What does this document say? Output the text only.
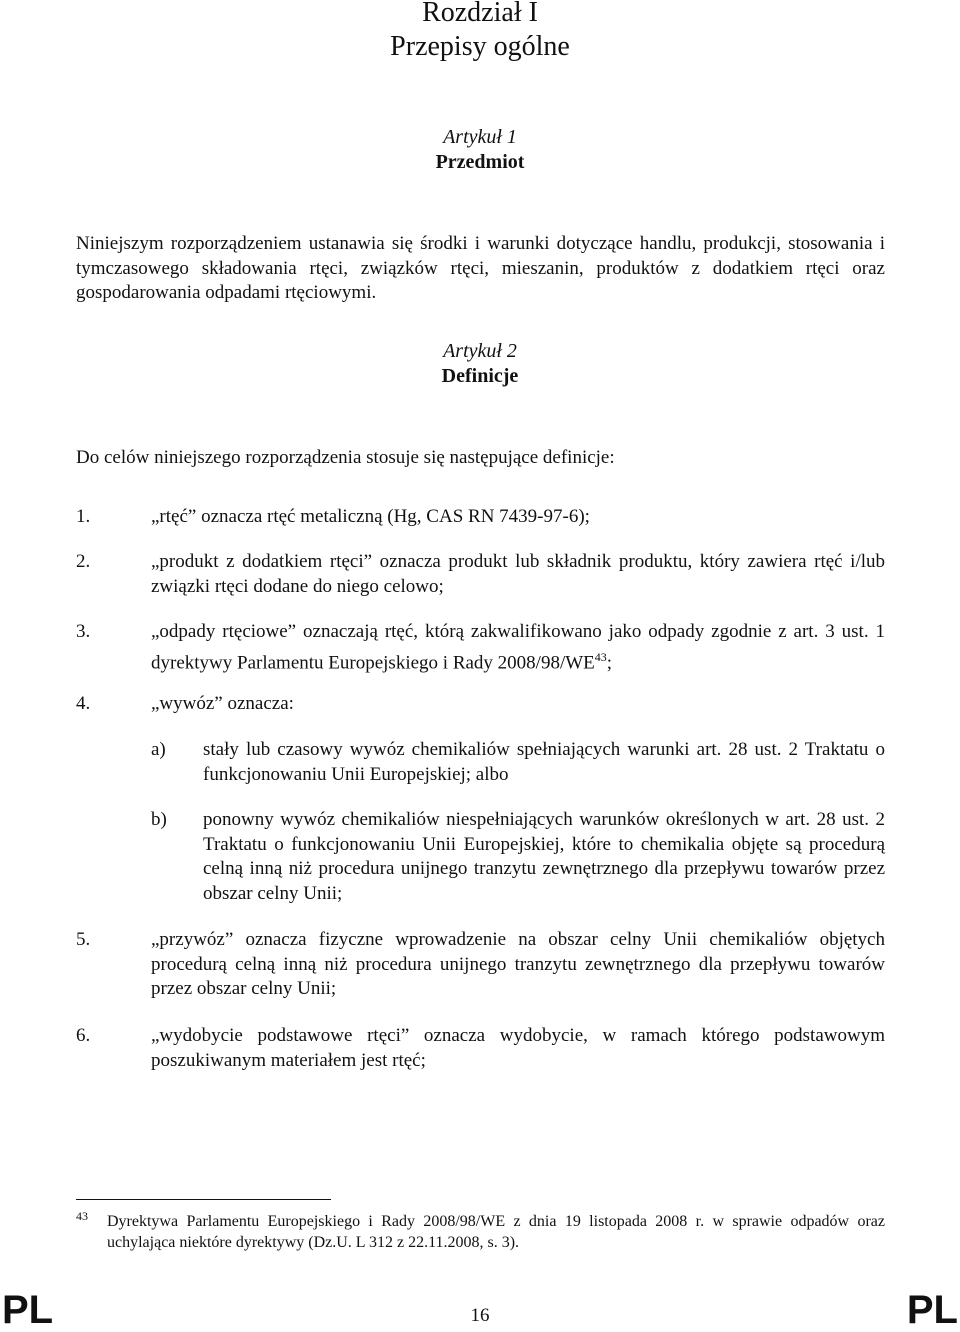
Rozdział I
Przepisy ogólne
Artykuł 1
Przedmiot
Niniejszym rozporządzeniem ustanawia się środki i warunki dotyczące handlu, produkcji, stosowania i tymczasowego składowania rtęci, związków rtęci, mieszanin, produktów z dodatkiem rtęci oraz gospodarowania odpadami rtęciowymi.
Artykuł 2
Definicje
Do celów niniejszego rozporządzenia stosuje się następujące definicje:
1.	„rtęć” oznacza rtęć metaliczną (Hg, CAS RN 7439-97-6);
2.	„produkt z dodatkiem rtęci” oznacza produkt lub składnik produktu, który zawiera rtęć i/lub związki rtęci dodane do niego celowo;
3.	„odpady rtęciowe” oznaczają rtęć, którą zakwalifikowano jako odpady zgodnie z art. 3 ust. 1 dyrektywy Parlamentu Europejskiego i Rady 2008/98/WE$^{43}$;
4.	„wywóz” oznacza:
a) stały lub czasowy wywóz chemikaliów spełniających warunki art. 28 ust. 2 Traktatu o funkcjonowaniu Unii Europejskiej; albo
b) ponowny wywóz chemikaliów niespełniających warunków określonych w art. 28 ust. 2 Traktatu o funkcjonowaniu Unii Europejskiej, które to chemikalia objęte są procedurą celną inną niż procedura unijnego tranzytu zewnętrznego dla przepływu towarów przez obszar celny Unii;
5.	„przywóz” oznacza fizyczne wprowadzenie na obszar celny Unii chemikaliów objętych procedurą celną inną niż procedura unijnego tranzytu zewnętrznego dla przepływu towarów przez obszar celny Unii;
6.	„wydobycie podstawowe rtęci” oznacza wydobycie, w ramach którego podstawowym poszukiwanym materiałem jest rtęć;
43 Dyrektywa Parlamentu Europejskiego i Rady 2008/98/WE z dnia 19 listopada 2008 r. w sprawie odpadów oraz uchylająca niektóre dyrektywy (Dz.U. L 312 z 22.11.2008, s. 3).
PL	16	PL
